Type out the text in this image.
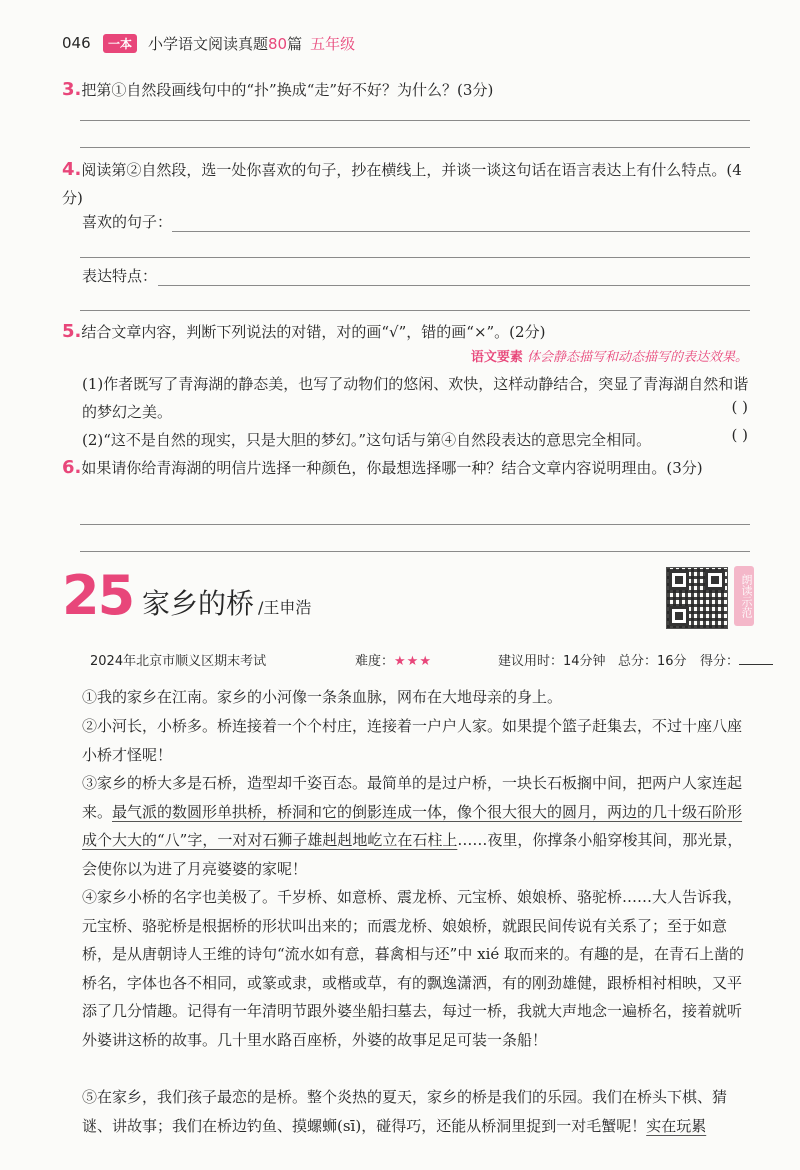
046	一本	小学语文阅读真题80篇 五年级
3.把第①自然段画线句中的“扑”换成“走”好不好？为什么？(3分)
4.阅读第②自然段，选一处你喜欢的句子，抄在横线上，并谈一谈这句话在语言表达上有什么特点。(4分)
喜欢的句子：
表达特点：
5.结合文章内容，判断下列说法的对错，对的画“√”，错的画“×”。(2分)
语文要素 体会静态描写和动态描写的表达效果。
(1)作者既写了青海湖的静态美，也写了动物们的悠闲、欢快，这样动静结合，突显了青海湖自然和谐的梦幻之美。	( )
(2)“这不是自然的现实，只是大胆的梦幻。”这句话与第④自然段表达的意思完全相同。	( )
6.如果请你给青海湖的明信片选择一种颜色，你最想选择哪一种？结合文章内容说明理由。(3分)
25 家乡的桥 /王申浩	朗读示范
2024年北京市顺义区期末考试	难度：★★★	建议用时：14分钟 总分：16分 得分：
①我的家乡在江南。家乡的小河像一条条血脉，网布在大地母亲的身上。
②小河长，小桥多。桥连接着一个个村庄，连接着一户户人家。如果提个篮子赶集去，不过十座八座小桥才怪呢！
③家乡的桥大多是石桥，造型却千姿百态。最简单的是过户桥，一块长石板搁中间，把两户人家连起来。最气派的数圆形单拱桥，桥洞和它的倒影连成一体，像个很大很大的圆月，两边的几十级石阶形成个大大的“八”字，一对对石狮子雄赳赳地屹立在石柱上……夜里，你撑条小船穿梭其间，那光景，会使你以为进了月亮婆婆的家呢！
④家乡小桥的名字也美极了。千岁桥、如意桥、震龙桥、元宝桥、娘娘桥、骆驼桥……大人告诉我，元宝桥、骆驼桥是根据桥的形状叫出来的；而震龙桥、娘娘桥，就跟民间传说有关系了；至于如意桥，是从唐朝诗人王维的诗句“流水如有意，暮禽相与还”中 xié 取而来的。有趣的是，在青石上凿的桥名，字体也各不相同，或篆或隶，或楷或草，有的飘逸潇洒，有的刚劲雄健，跟桥相衬相映，又平添了几分情趣。记得有一年清明节跟外婆坐船扫墓去，每过一桥，我就大声地念一遍桥名，接着就听外婆讲这桥的故事。几十里水路百座桥，外婆的故事足足可装一条船！
⑤在家乡，我们孩子最恋的是桥。整个炎热的夏天，家乡的桥是我们的乐园。我们在桥头下棋、猜谜、讲故事；我们在桥边钓鱼、摸螺蛳(sī)，碰得巧，还能从桥洞里捉到一对毛蟹呢！实在玩累
